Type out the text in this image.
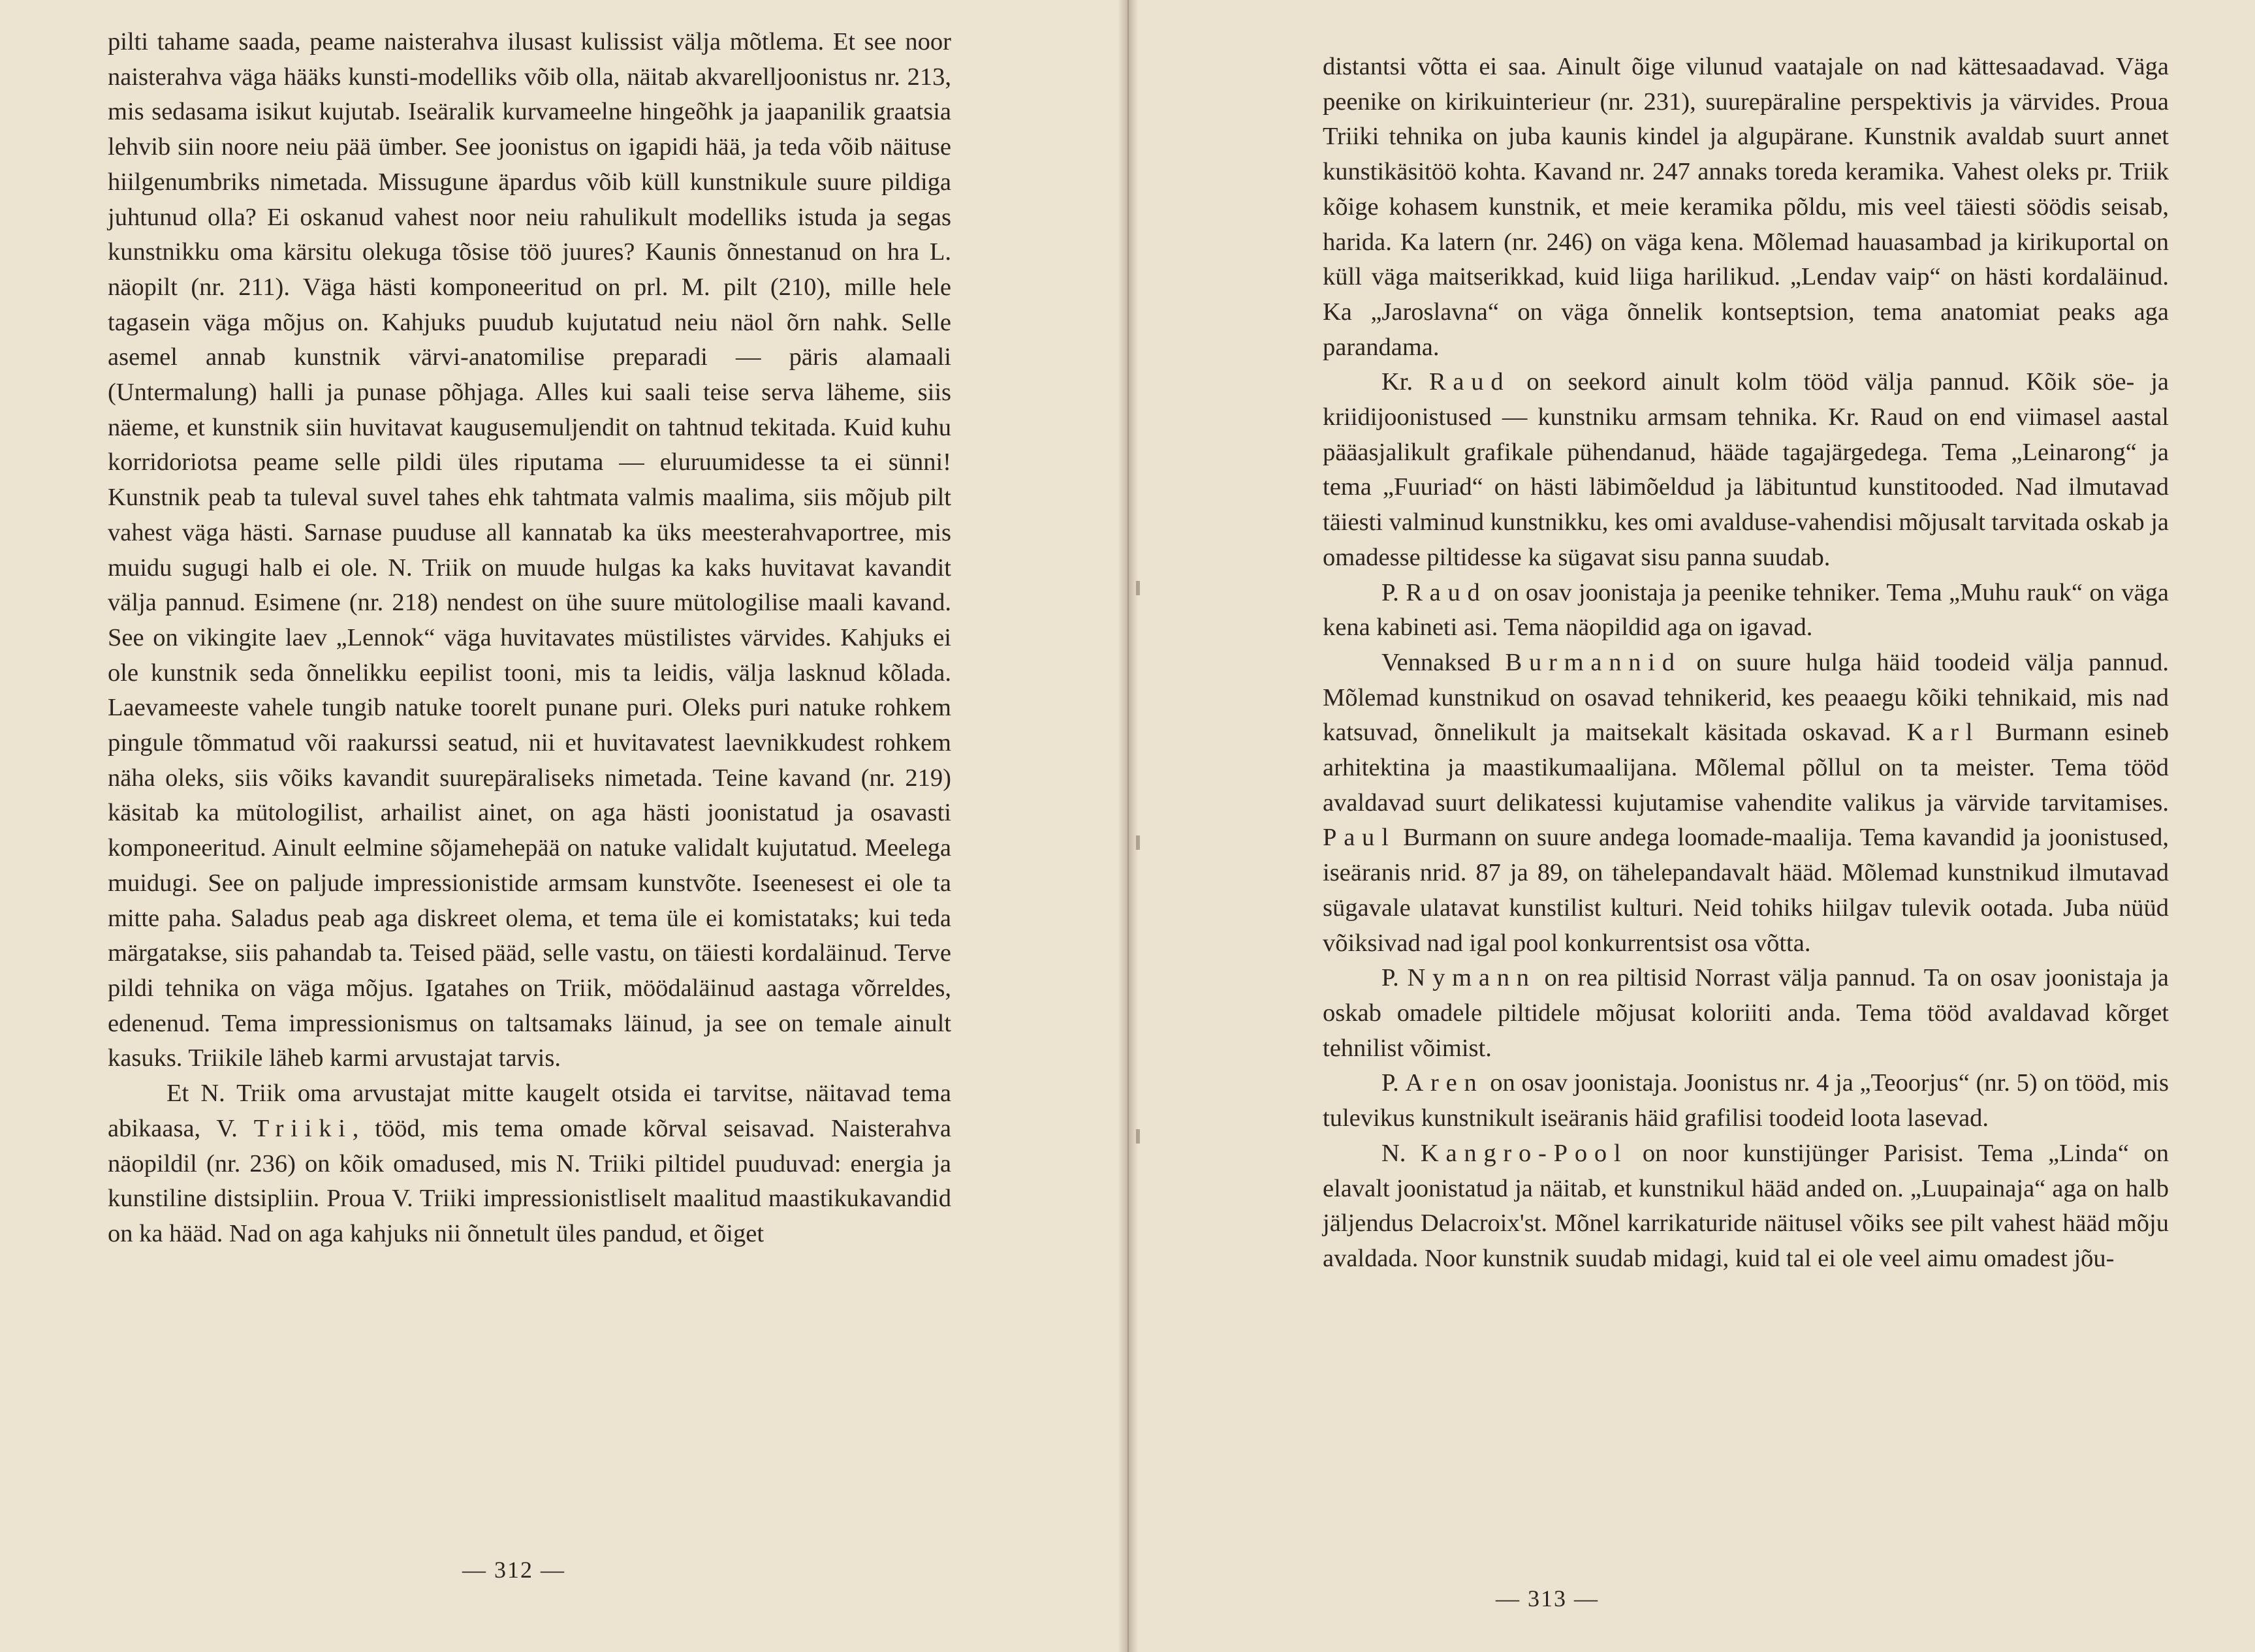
pilti tahame saada, peame naisterahva ilusast kulissist välja mõtlema. Et see noor naisterahva väga hääks kunsti-modelliks võib olla, näitab akvarelljoonistus nr. 213, mis sedasama isikut kujutab. Iseäralik kurvameelne hingeõhk ja jaapanilik graatsia lehvib siin noore neiu pää ümber. See joonistus on igapidi hää, ja teda võib näituse hiilgenumbriks nimetada. Missugune äpardus võib küll kunstnikule suure pildiga juhtunud olla? Ei oskanud vahest noor neiu rahulikult modelliks istuda ja segas kunstnikku oma kärsitu olekuga tõsise töö juures? Kaunis õnnestanud on hra L. näopilt (nr. 211). Väga hästi komponeeritud on prl. M. pilt (210), mille hele tagasein väga mõjus on. Kahjuks puudub kujutatud neiu näol õrn nahk. Selle asemel annab kunstnik värvi-anatomilise preparadi — päris alamaali (Untermalung) halli ja punase põhjaga. Alles kui saali teise serva läheme, siis näeme, et kunstnik siin huvitavat kaugusemuljendit on tahtnud tekitada. Kuid kuhu korridoriotsa peame selle pildi üles riputama — eluruumidesse ta ei sünni! Kunstnik peab ta tuleval suvel tahes ehk tahtmata valmis maalima, siis mõjub pilt vahest väga hästi. Sarnase puuduse all kannatab ka üks meesterahvaportree, mis muidu sugugi halb ei ole. N. Triik on muude hulgas ka kaks huvitavat kavandit välja pannud. Esimene (nr. 218) nendest on ühe suure mütologilise maali kavand. See on vikingite laev „Lennok“ väga huvitavates müstilistes värvides. Kahjuks ei ole kunstnik seda õnnelikku eepilist tooni, mis ta leidis, välja lasknud kõlada. Laevameeste vahele tungib natuke toorelt punane puri. Oleks puri natuke rohkem pingule tõmmatud või raakurssi seatud, nii et huvitavatest laevnikkudest rohkem näha oleks, siis võiks kavandit suurepäraliseks nimetada. Teine kavand (nr. 219) käsitab ka mütologilist, arhailist ainet, on aga hästi joonistatud ja osavasti komponeeritud. Ainult eelmine sõjamehepää on natuke validalt kujutatud. Meelega muidugi. See on paljude impressionistide armsam kunstvõte. Iseenesest ei ole ta mitte paha. Saladus peab aga diskreet olema, et tema üle ei komistataks; kui teda märgatakse, siis pahandab ta. Teised pääd, selle vastu, on täiesti kordaläinud. Terve pildi tehnika on väga mõjus. Igatahes on Triik, möödaläinud aastaga võrreldes, edenenud. Tema impressionismus on taltsamaks läinud, ja see on temale ainult kasuks. Triikile läheb karmi arvustajat tarvis.

Et N. Triik oma arvustajat mitte kaugelt otsida ei tarvitse, näitavad tema abikaasa, V. Triiki, tööd, mis tema omade kõrval seisavad. Naisterahva näopildil (nr. 236) on kõik omadused, mis N. Triiki piltidel puuduvad: energia ja kunstiline distsipliin. Proua V. Triiki impressionistliselt maalitud maastikukavandid on ka hääd. Nad on aga kahjuks nii õnnetult üles pandud, et õiget

— 312 —

distantsi võtta ei saa. Ainult õige vilunud vaatajale on nad kättesaadavad. Väga peenike on kirikuinterieur (nr. 231), suurepäraline perspektivis ja värvides. Proua Triiki tehnika on juba kaunis kindel ja algupärane. Kunstnik avaldab suurt annet kunstikäsitöö kohta. Kavand nr. 247 annaks toreda keramika. Vahest oleks pr. Triik kõige kohasem kunstnik, et meie keramika põldu, mis veel täiesti söödis seisab, harida. Ka latern (nr. 246) on väga kena. Mõlemad hauasambad ja kirikuportal on küll väga maitserikkad, kuid liiga harilikud. „Lendav vaip“ on hästi kordaläinud. Ka „Jaroslavna“ on väga õnnelik kontseptsion, tema anatomiat peaks aga parandama.

Kr. Raud on seekord ainult kolm tööd välja pannud. Kõik söe- ja kriidijoonistused — kunstniku armsam tehnika. Kr. Raud on end viimasel aastal pääasjalikult grafikale pühendanud, hääde tagajärgedega. Tema „Leinarong“ ja tema „Fuuriad“ on hästi läbimõeldud ja läbituntud kunstitooded. Nad ilmutavad täiesti valminud kunstnikku, kes omi avalduse-vahendisi mõjusalt tarvitada oskab ja omadesse piltidesse ka sügavat sisu panna suudab.

P. Raud on osav joonistaja ja peenike tehniker. Tema „Muhu rauk“ on väga kena kabineti asi. Tema näopildid aga on igavad.

Vennaksed Burmannid on suure hulga häid toodeid välja pannud. Mõlemad kunstnikud on osavad tehnikerid, kes peaaegu kõiki tehnikaid, mis nad katsuvad, õnnelikult ja maitsekalt käsitada oskavad. Karl Burmann esineb arhitektina ja maastikumaalijana. Mõlemal põllul on ta meister. Tema tööd avaldavad suurt delikatessi kujutamise vahendite valikus ja värvide tarvitamises. Paul Burmann on suure andega loomade-maalija. Tema kavandid ja joonistused, iseäranis nrid. 87 ja 89, on tähelepandavalt hääd. Mõlemad kunstnikud ilmutavad sügavale ulatavat kunstilist kulturi. Neid tohiks hiilgav tulevik ootada. Juba nüüd võiksivad nad igal pool konkurrentsist osa võtta.

P. Nymann on rea piltisid Norrast välja pannud. Ta on osav joonistaja ja oskab omadele piltidele mõjusat koloriiti anda. Tema tööd avaldavad kõrget tehnilist võimist.

P. Aren on osav joonistaja. Joonistus nr. 4 ja „Teoorjus“ (nr. 5) on tööd, mis tulevikus kunstnikult iseäranis häid grafilisi toodeid loota lasevad.

N. Kangro-Pool on noor kunstijünger Parisist. Tema „Linda“ on elavalt joonistatud ja näitab, et kunstnikul hääd anded on. „Luupainaja“ aga on halb jäljendus Delacroix'st. Mõnel karrikaturide näitusel võiks see pilt vahest hääd mõju avaldada. Noor kunstnik suudab midagi, kuid tal ei ole veel aimu omadest jõu-

— 313 —
